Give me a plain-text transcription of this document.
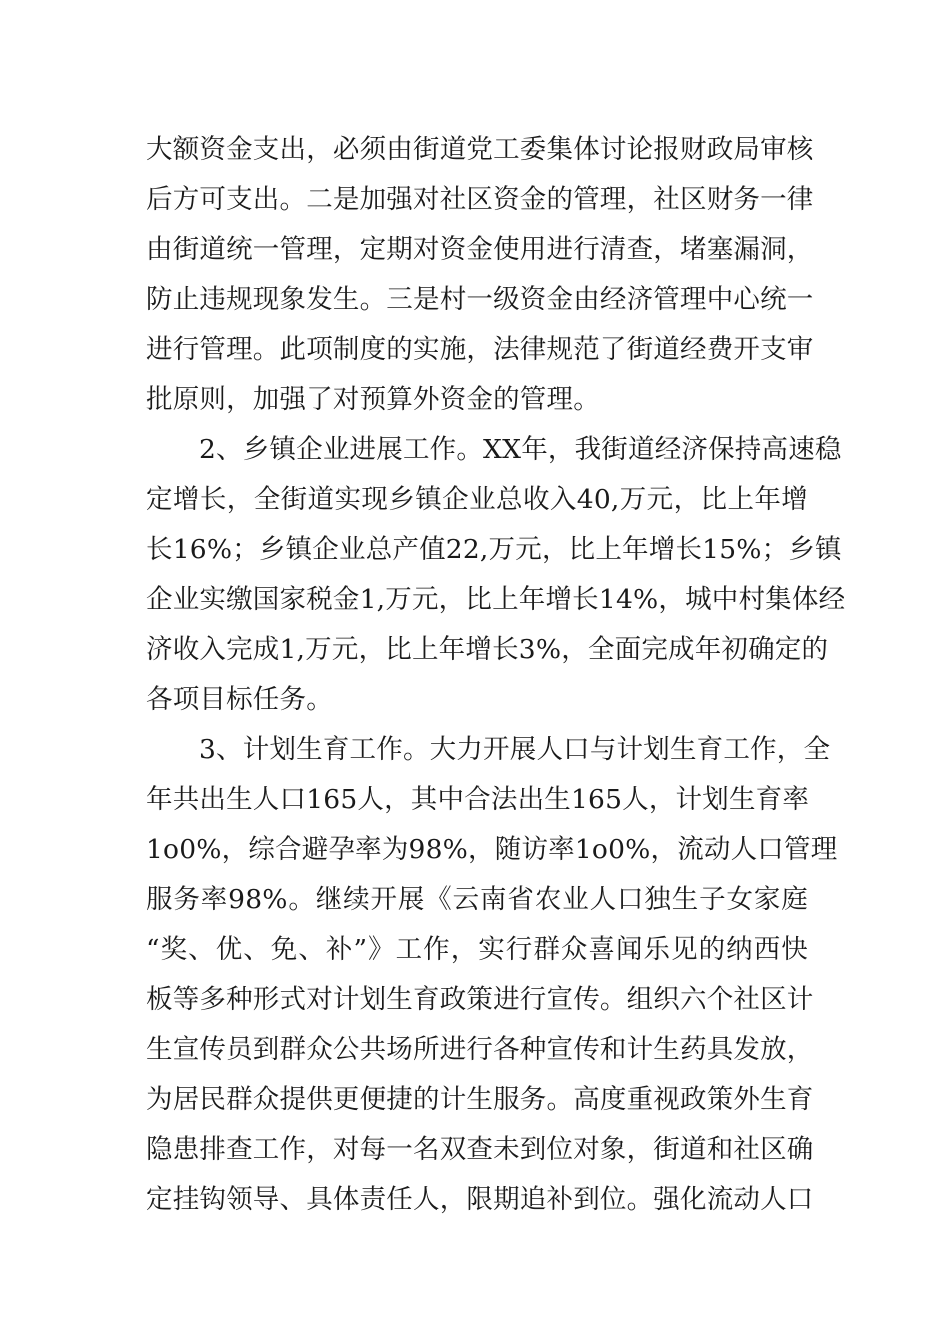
大额资金支出，必须由街道党工委集体讨论报财政局审核
后方可支出。二是加强对社区资金的管理，社区财务一律
由街道统一管理，定期对资金使用进行清查，堵塞漏洞，
防止违规现象发生。三是村一级资金由经济管理中心统一
进行管理。此项制度的实施，法律规范了街道经费开支审
批原则，加强了对预算外资金的管理。
2、乡镇企业进展工作。XX年，我街道经济保持高速稳
定增长，全街道实现乡镇企业总收入40,万元，比上年增
长16%；乡镇企业总产值22,万元，比上年增长15%；乡镇
企业实缴国家税金1,万元，比上年增长14%，城中村集体经
济收入完成1,万元，比上年增长3%，全面完成年初确定的
各项目标任务。
3、计划生育工作。大力开展人口与计划生育工作，全
年共出生人口165人，其中合法出生165人，计划生育率
1o0%，综合避孕率为98%，随访率1o0%，流动人口管理
服务率98%。继续开展《云南省农业人口独生子女家庭
“奖、优、免、补”》工作，实行群众喜闻乐见的纳西快
板等多种形式对计划生育政策进行宣传。组织六个社区计
生宣传员到群众公共场所进行各种宣传和计生药具发放，
为居民群众提供更便捷的计生服务。高度重视政策外生育
隐患排查工作，对每一名双查未到位对象，街道和社区确
定挂钩领导、具体责任人，限期追补到位。强化流动人口
